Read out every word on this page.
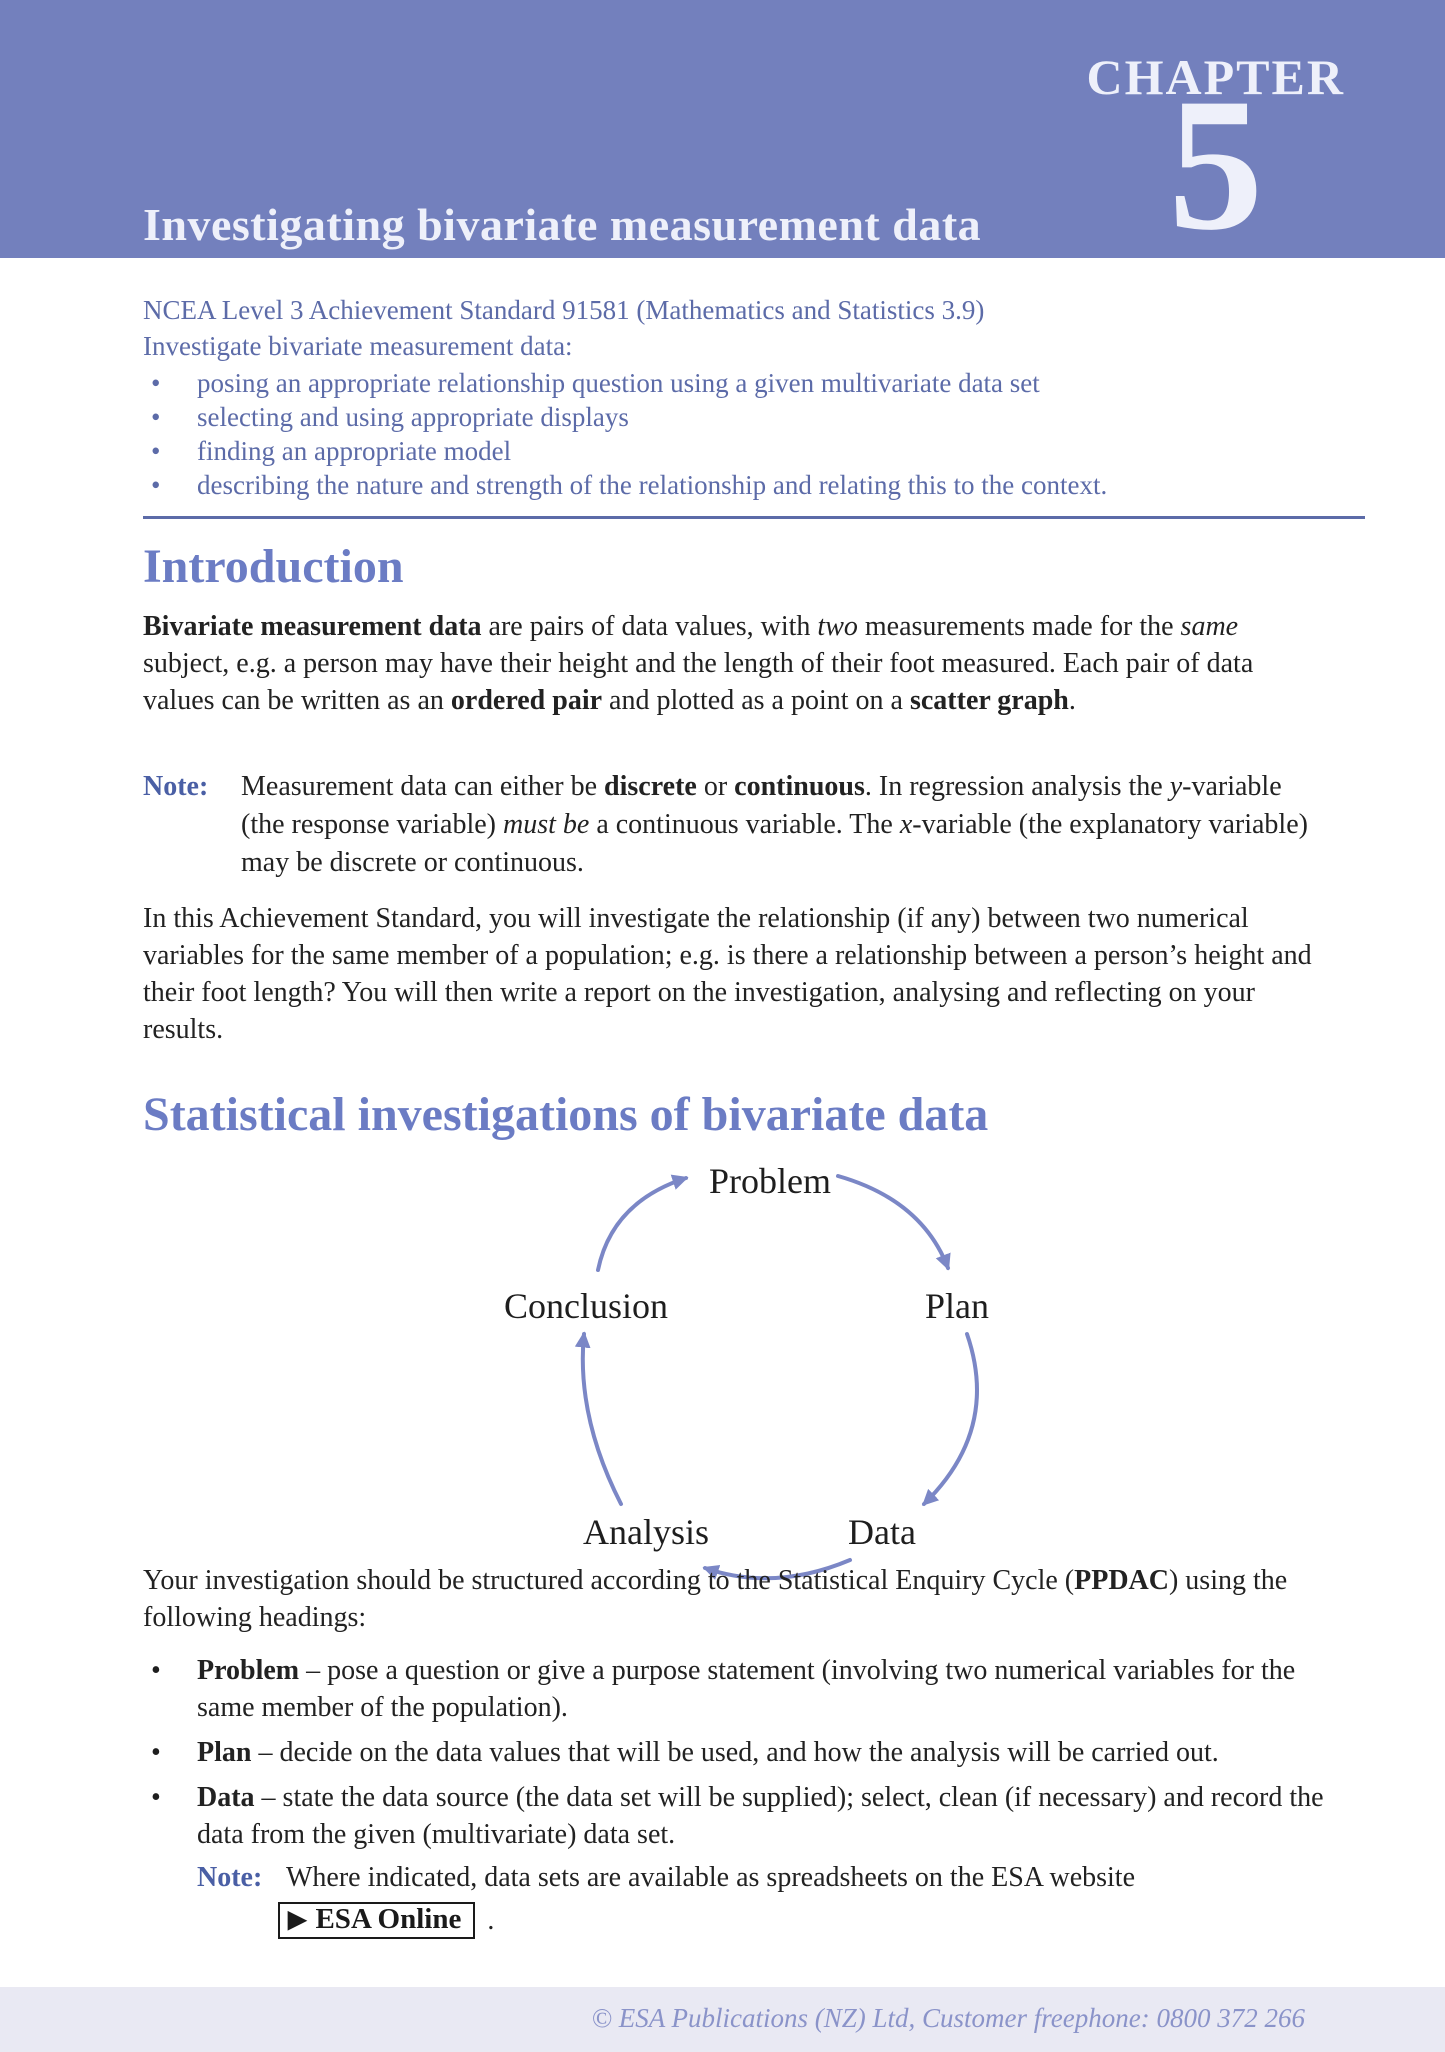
Investigating bivariate measurement data
CHAPTER
5

NCEA Level 3 Achievement Standard 91581 (Mathematics and Statistics 3.9)

Investigate bivariate measurement data:

• posing an appropriate relationship question using a given multivariate data set
• selecting and using appropriate displays
• finding an appropriate model
• describing the nature and strength of the relationship and relating this to the context.
Introduction

Bivariate measurement data are pairs of data values, with two measurements made for the same subject, e.g. a person may have their height and the length of their foot measured. Each pair of data values can be written as an ordered pair and plotted as a point on a scatter graph.

Note: Measurement data can either be discrete or continuous. In regression analysis the y-variable (the response variable) must be a continuous variable. The x-variable (the explanatory variable) may be discrete or continuous.

In this Achievement Standard, you will investigate the relationship (if any) between two numerical variables for the same member of a population; e.g. is there a relationship between a person’s height and their foot length? You will then write a report on the investigation, analysing and reflecting on your results.

Statistical investigations of bivariate data
Problem
Plan
Conclusion
Data
Analysis

Your investigation should be structured according to the Statistical Enquiry Cycle (PPDAC) using the following headings:

• Problem – pose a question or give a purpose statement (involving two numerical variables for the same member of the population).
• Plan – decide on the data values that will be used, and how the analysis will be carried out.
• Data – state the data source (the data set will be supplied); select, clean (if necessary) and record the data from the given (multivariate) data set.
Note: Where indicated, data sets are available as spreadsheets on the ESA website
▶ ESA Online .

© ESA Publications (NZ) Ltd, Customer freephone: 0800 372 266
